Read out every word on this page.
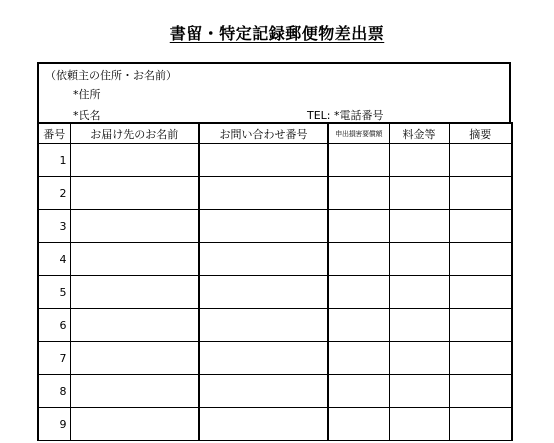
書留・特定記録郵便物差出票
（依頼主の住所・お名前）
*住所
*氏名	TEL: *電話番号
番号	お届け先のお名前	お問い合わせ番号	申出損害要償額	料金等	摘要
1					
2					
3					
4					
5					
6					
7					
8					
9					
